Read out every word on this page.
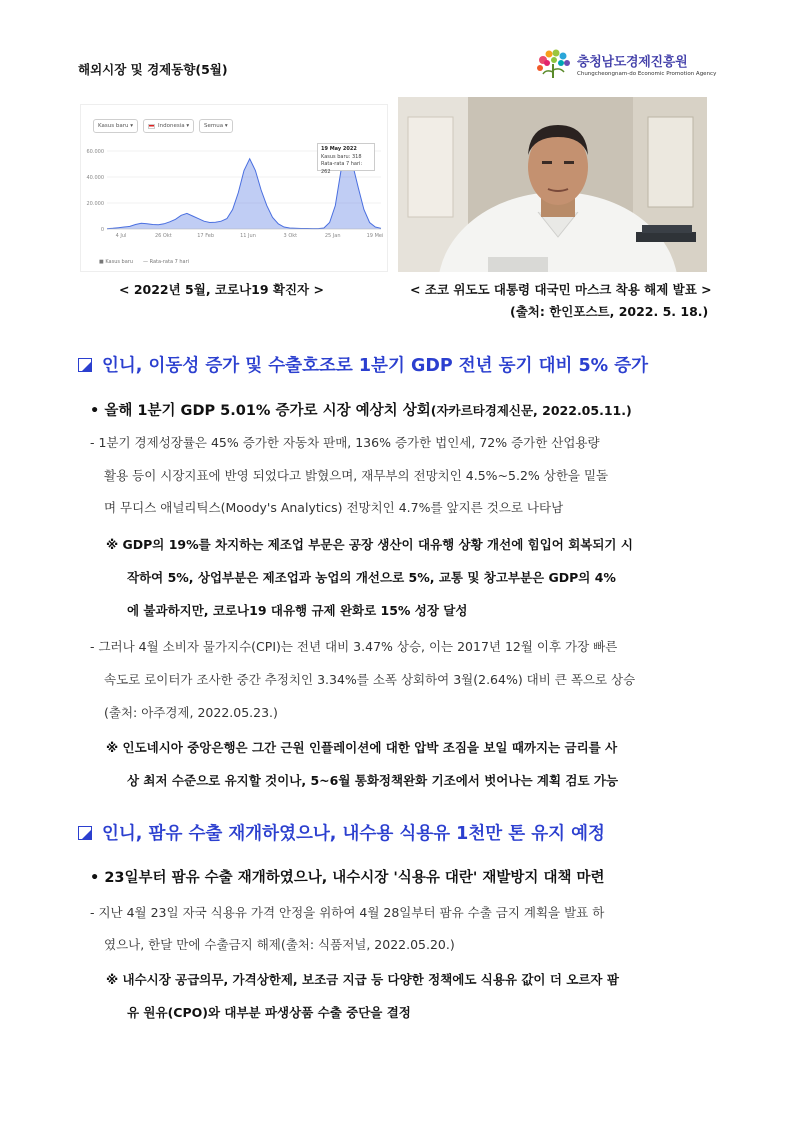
해외시장 및 경제동향(5월)	충청남도경제진흥원
Chungcheongnam-do Economic Promotion Agency
Kasus baru ▾	Indonesia ▾	Semua ▾
60.000
40.000
20.000
0
4 Jul	26 Okt	17 Feb	11 Jun	3 Okt	25 Jan	19 Mei
19 May 2022
Kasus baru: 318
Rata-rata 7 hari: 262
■ Kasus baru — Rata-rata 7 hari
< 2022년 5월, 코로나19 확진자 >	< 조코 위도도 대통령 대국민 마스크 착용 해제 발표 >
(출처: 한인포스트, 2022. 5. 18.)
인니, 이동성 증가 및 수출호조로 1분기 GDP 전년 동기 대비 5% 증가
• 올해 1분기 GDP 5.01% 증가로 시장 예상치 상회(자카르타경제신문, 2022.05.11.)
- 1분기 경제성장률은 45% 증가한 자동차 판매, 136% 증가한 법인세, 72% 증가한 산업용량
활용 등이 시장지표에 반영 되었다고 밝혔으며, 재무부의 전망치인 4.5%~5.2% 상한을 밑돌
며 무디스 애널리틱스(Moody's Analytics) 전망치인 4.7%를 앞지른 것으로 나타남
※ GDP의 19%를 차지하는 제조업 부문은 공장 생산이 대유행 상황 개선에 힘입어 회복되기 시
작하여 5%, 상업부분은 제조업과 농업의 개선으로 5%, 교통 및 창고부분은 GDP의 4%
에 불과하지만, 코로나19 대유행 규제 완화로 15% 성장 달성
- 그러나 4월 소비자 물가지수(CPI)는 전년 대비 3.47% 상승, 이는 2017년 12월 이후 가장 빠른
속도로 로이터가 조사한 중간 추정치인 3.34%를 소폭 상회하여 3월(2.64%) 대비 큰 폭으로 상승
(출처: 아주경제, 2022.05.23.)
※ 인도네시아 중앙은행은 그간 근원 인플레이션에 대한 압박 조짐을 보일 때까지는 금리를 사
상 최저 수준으로 유지할 것이나, 5~6월 통화정책완화 기조에서 벗어나는 계획 검토 가능
인니, 팜유 수출 재개하였으나, 내수용 식용유 1천만 톤 유지 예정
• 23일부터 팜유 수출 재개하였으나, 내수시장 '식용유 대란' 재발방지 대책 마련
- 지난 4월 23일 자국 식용유 가격 안정을 위하여 4월 28일부터 팜유 수출 금지 계획을 발표 하
였으나, 한달 만에 수출금지 해제(출처: 식품저널, 2022.05.20.)
※ 내수시장 공급의무, 가격상한제, 보조금 지급 등 다양한 정책에도 식용유 값이 더 오르자 팜
유 원유(CPO)와 대부분 파생상품 수출 중단을 결정
